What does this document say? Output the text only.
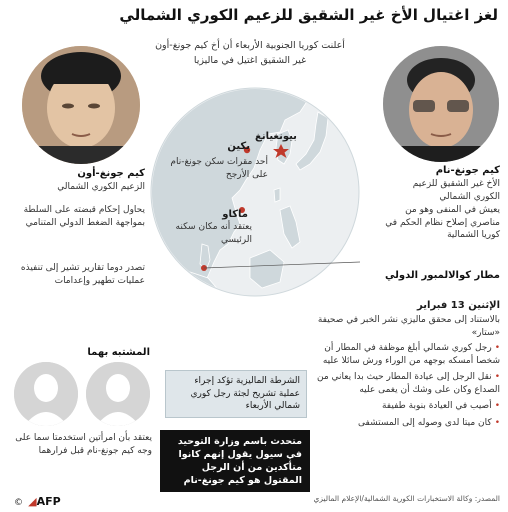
لغز اغتيال الأخ غير الشقيق للزعيم الكوري الشمالي
أعلنت كوريا الجنوبية الأربعاء أن أخ كيم جونغ-أون غير الشقيق اغتيل في ماليزيا
بيونغيانغ
بكين
أحد مقرات سكن جونغ-نام على الأرجح
ماكاو
يعتقد أنه مكان سكنه الرئيسي
كيم جونغ-أون
الزعيم الكوري الشمالي
يحاول إحكام قبضته على السلطة بمواجهة الضغط الدولي المتنامي
تصدر دوما تقارير تشير إلى تنفيذه عمليات تطهير وإعدامات
كيم جونغ-نام
الأخ غير الشقيق للزعيم الكوري الشمالي
يعيش في المنفى وهو من مناصري إصلاح نظام الحكم في كوريا الشمالية
مطار كوالالمبور الدولي
الإثنين 13 فبراير
بالاستناد إلى محقق ماليزي نشر الخبر في صحيفة «ستار»
• رجل كوري شمالي أبلغ موظفة في المطار أن شخصا أمسكه بوجهه من الوراء ورش سائلا عليه
• نقل الرجل إلى عيادة المطار حيث بدا يعاني من الصداع وكان على وشك أن يغمى عليه
• أصيب في العيادة بنوبة طفيفة
• كان ميتا لدى وصوله إلى المستشفى
الشرطة الماليزية تؤكد إجراء عملية تشريح لجثة رجل كوري شمالي الأربعاء
متحدث باسم وزارة التوحيد في سيول يقول إنهم كانوا متأكدين من أن الرجل المقتول هو كيم جونغ-نام
المشتبه بهما
يعتقد بأن امرأتين استخدمتا سما على وجه كيم جونغ-نام قبل فرارهما
© ◢AFP	المصدر: وكالة الاستخبارات الكورية الشمالية/الإعلام الماليزي
